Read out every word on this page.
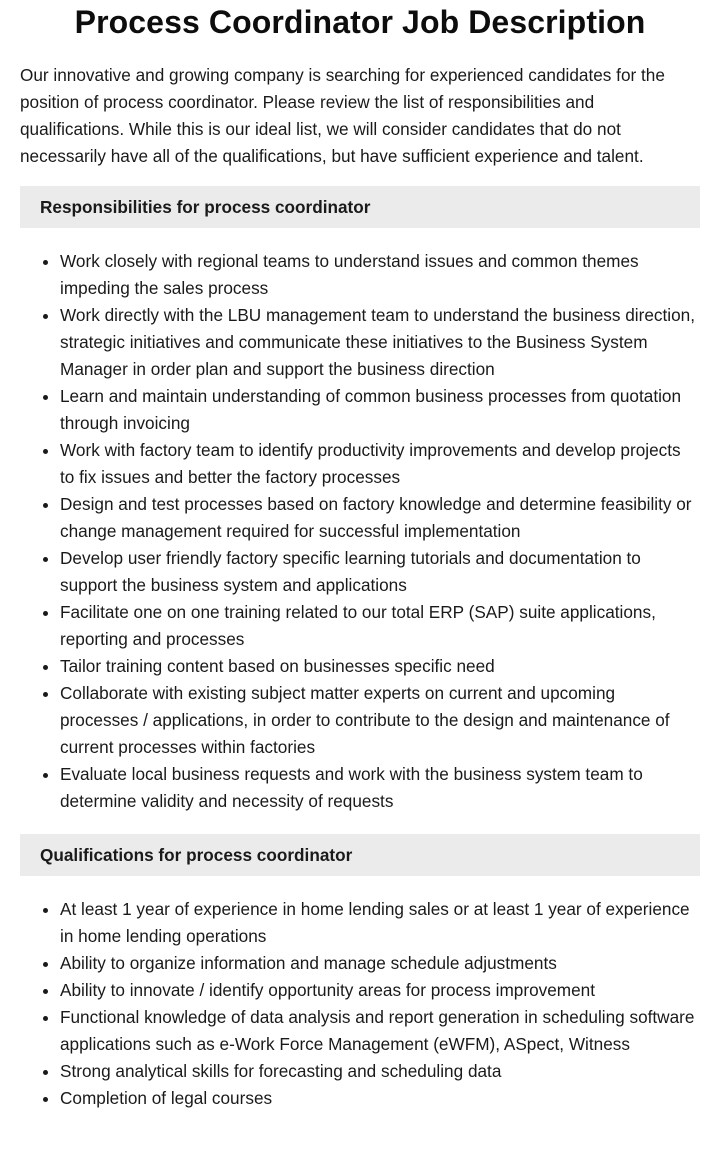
Process Coordinator Job Description

Our innovative and growing company is searching for experienced candidates for the position of process coordinator. Please review the list of responsibilities and qualifications. While this is our ideal list, we will consider candidates that do not necessarily have all of the qualifications, but have sufficient experience and talent.

Responsibilities for process coordinator
Work closely with regional teams to understand issues and common themes impeding the sales process
Work directly with the LBU management team to understand the business direction, strategic initiatives and communicate these initiatives to the Business System Manager in order plan and support the business direction
Learn and maintain understanding of common business processes from quotation through invoicing
Work with factory team to identify productivity improvements and develop projects to fix issues and better the factory processes
Design and test processes based on factory knowledge and determine feasibility or change management required for successful implementation
Develop user friendly factory specific learning tutorials and documentation to support the business system and applications
Facilitate one on one training related to our total ERP (SAP) suite applications, reporting and processes
Tailor training content based on businesses specific need
Collaborate with existing subject matter experts on current and upcoming processes / applications, in order to contribute to the design and maintenance of current processes within factories
Evaluate local business requests and work with the business system team to determine validity and necessity of requests
Qualifications for process coordinator
At least 1 year of experience in home lending sales or at least 1 year of experience in home lending operations
Ability to organize information and manage schedule adjustments
Ability to innovate / identify opportunity areas for process improvement
Functional knowledge of data analysis and report generation in scheduling software applications such as e-Work Force Management (eWFM), ASpect, Witness
Strong analytical skills for forecasting and scheduling data
Completion of legal courses
